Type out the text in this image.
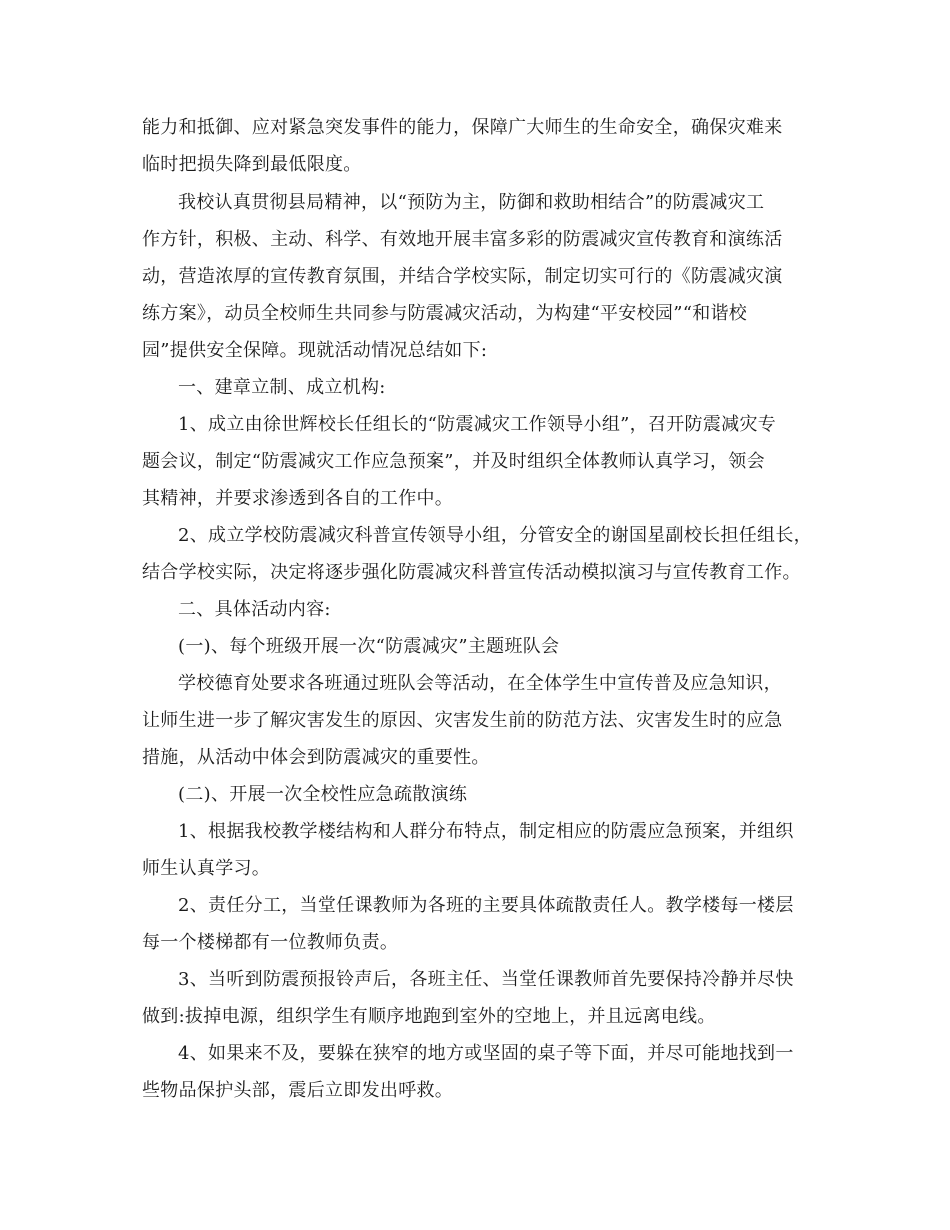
能力和抵御、应对紧急突发事件的能力，保障广大师生的生命安全，确保灾难来
临时把损失降到最低限度。
我校认真贯彻县局精神，以“预防为主，防御和救助相结合”的防震减灾工
作方针，积极、主动、科学、有效地开展丰富多彩的防震减灾宣传教育和演练活
动，营造浓厚的宣传教育氛围，并结合学校实际，制定切实可行的《防震减灾演
练方案》，动员全校师生共同参与防震减灾活动，为构建“平安校园”“和谐校
园”提供安全保障。现就活动情况总结如下:
一、建章立制、成立机构:
1、成立由徐世辉校长任组长的“防震减灾工作领导小组”，召开防震减灾专
题会议，制定“防震减灾工作应急预案”，并及时组织全体教师认真学习，领会
其精神，并要求渗透到各自的工作中。
2、成立学校防震减灾科普宣传领导小组，分管安全的谢国星副校长担任组长，
结合学校实际，决定将逐步强化防震减灾科普宣传活动模拟演习与宣传教育工作。
二、具体活动内容:
(一)、每个班级开展一次“防震减灾”主题班队会
学校德育处要求各班通过班队会等活动，在全体学生中宣传普及应急知识，
让师生进一步了解灾害发生的原因、灾害发生前的防范方法、灾害发生时的应急
措施，从活动中体会到防震减灾的重要性。
(二)、开展一次全校性应急疏散演练
1、根据我校教学楼结构和人群分布特点，制定相应的防震应急预案，并组织
师生认真学习。
2、责任分工，当堂任课教师为各班的主要具体疏散责任人。教学楼每一楼层
每一个楼梯都有一位教师负责。
3、当听到防震预报铃声后，各班主任、当堂任课教师首先要保持冷静并尽快
做到:拔掉电源，组织学生有顺序地跑到室外的空地上，并且远离电线。
4、如果来不及，要躲在狭窄的地方或坚固的桌子等下面，并尽可能地找到一
些物品保护头部，震后立即发出呼救。
